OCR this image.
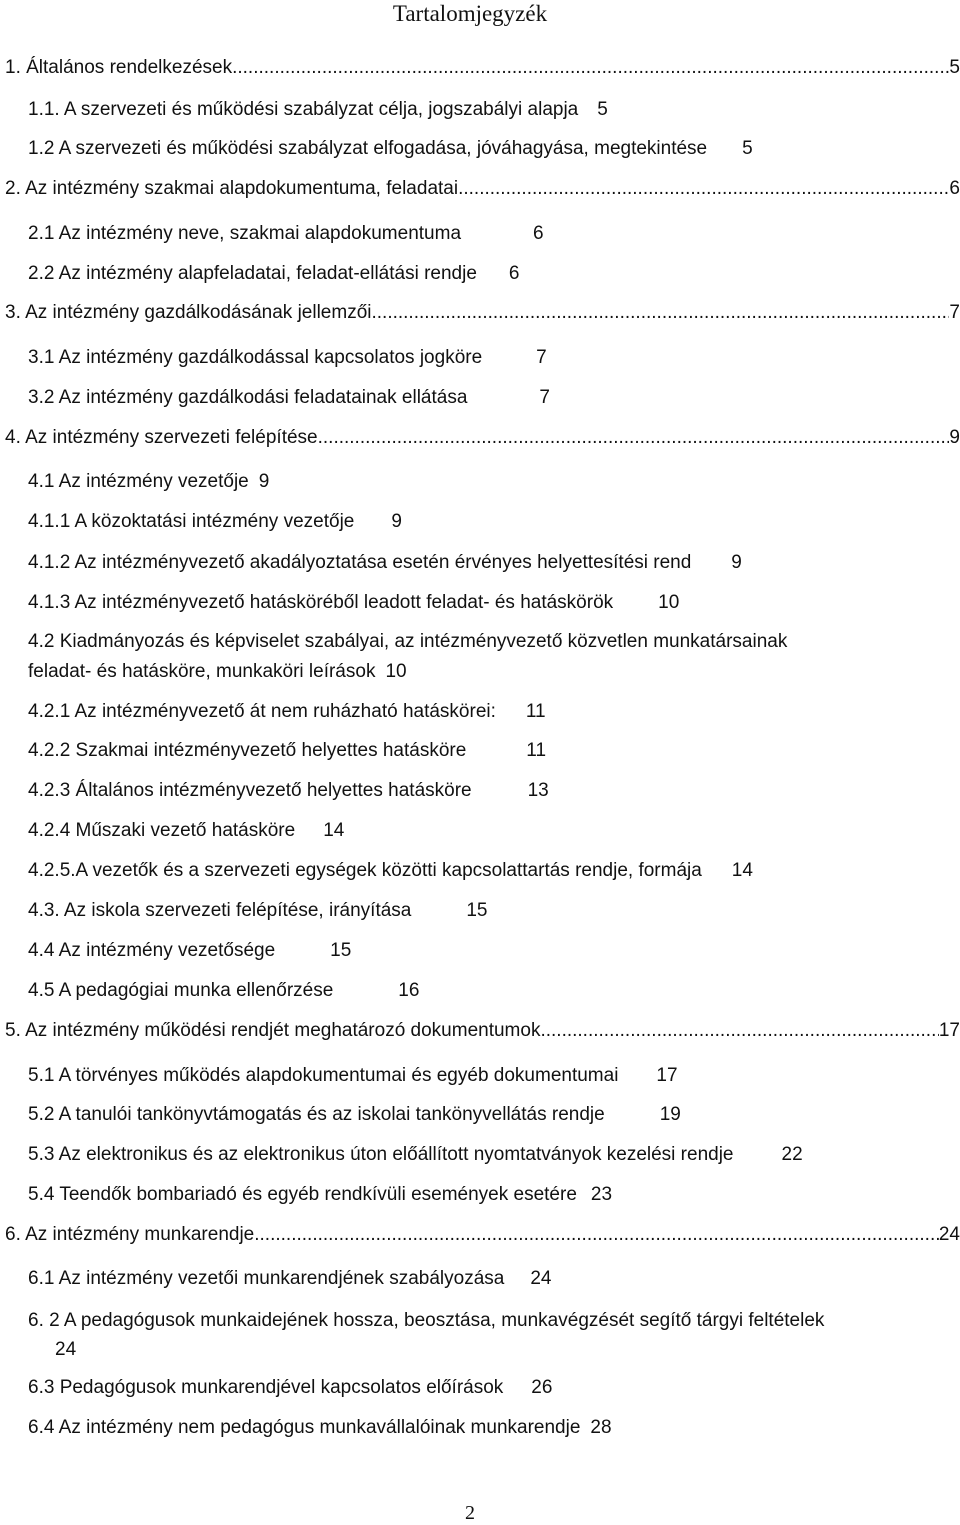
Tartalomjegyzék
1. Általános rendelkezések. .....	5
1.1. A szervezeti és működési szabályzat célja, jogszabályi alapja 5
1.2 A szervezeti és működési szabályzat elfogadása, jóváhagyása, megtekintése 5
2. Az intézmény szakmai alapdokumentuma, feladatai. .....	6
2.1 Az intézmény neve, szakmai alapdokumentuma	6
2.2 Az intézmény alapfeladatai, feladat-ellátási rendje 6
3. Az intézmény gazdálkodásának jellemzői .....	7
3.1 Az intézmény gazdálkodással kapcsolatos jogköre	7
3.2 Az intézmény gazdálkodási feladatainak ellátása	7
4. Az intézmény szervezeti felépítése .....	9
4.1 Az intézmény vezetője 9
4.1.1 A közoktatási intézmény vezetője 9
4.1.2 Az intézményvezető akadályoztatása esetén érvényes helyettesítési rend 9
4.1.3 Az intézményvezető hatásköréből leadott feladat- és hatáskörök 10
4.2 Kiadmányozás és képviselet szabályai, az intézményvezető közvetlen munkatársainak
feladat- és hatásköre, munkaköri leírások 10
4.2.1 Az intézményvezető át nem ruházható hatáskörei: 11
4.2.2 Szakmai intézményvezető helyettes hatásköre	11
4.2.3 Általános intézményvezető helyettes hatásköre	13
4.2.4 Műszaki vezető hatásköre 14
4.2.5.A vezetők és a szervezeti egységek közötti kapcsolattartás rendje, formája 14
4.3. Az iskola szervezeti felépítése, irányítása	15
4.4 Az intézmény vezetősége	15
4.5 A pedagógiai munka ellenőrzése	16
5. Az intézmény működési rendjét meghatározó dokumentumok .....	17
5.1 A törvényes működés alapdokumentumai és egyéb dokumentumai 17
5.2 A tanulói tankönyvtámogatás és az iskolai tankönyvellátás rendje	19
5.3 Az elektronikus és az elektronikus úton előállított nyomtatványok kezelési rendje	22
5.4 Teendők bombariadó és egyéb rendkívüli események esetére 23
6. Az intézmény munkarendje .....	24
6.1 Az intézmény vezetői munkarendjének szabályozása 24
6. 2 A pedagógusok munkaidejének hossza, beosztása, munkavégzését segítő tárgyi feltételek
24
6.3 Pedagógusok munkarendjével kapcsolatos előírások 26
6.4 Az intézmény nem pedagógus munkavállalóinak munkarendje 28
2
